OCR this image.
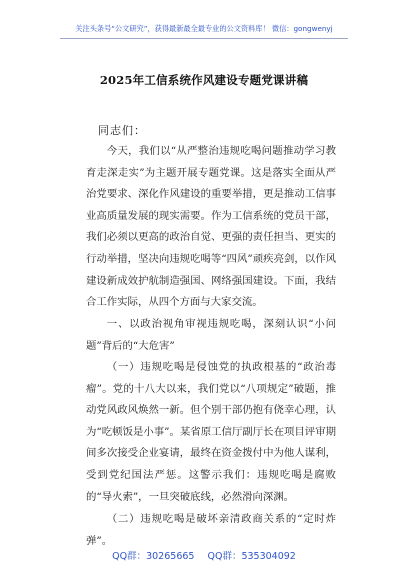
关注头条号“公文研究”，获得最新最全最专业的公文资料库！ 微信：gongwenyj
2025年工信系统作风建设专题党课讲稿
同志们：

今天，我们以“从严整治违规吃喝问题推动学习教育走深走实”为主题开展专题党课。这是落实全面从严治党要求、深化作风建设的重要举措，更是推动工信事业高质量发展的现实需要。作为工信系统的党员干部，我们必须以更高的政治自觉、更强的责任担当、更实的行动举措，坚决向违规吃喝等“四风”顽疾亮剑，以作风建设新成效护航制造强国、网络强国建设。下面，我结合工作实际，从四个方面与大家交流。

一、以政治视角审视违规吃喝，深刻认识“小问题”背后的“大危害”

（一）违规吃喝是侵蚀党的执政根基的“政治毒瘤”。党的十八大以来，我们党以“八项规定”破题，推动党风政风焕然一新。但个别干部仍抱有侥幸心理，认为“吃顿饭是小事”。某省原工信厅副厅长在项目评审期间多次接受企业宴请，最终在资金拨付中为他人谋利，受到党纪国法严惩。这警示我们：违规吃喝是腐败的“导火索”，一旦突破底线，必然滑向深渊。

（二）违规吃喝是破坏亲清政商关系的“定时炸弹”。

QQ群：30265665 QQ群：535304092
